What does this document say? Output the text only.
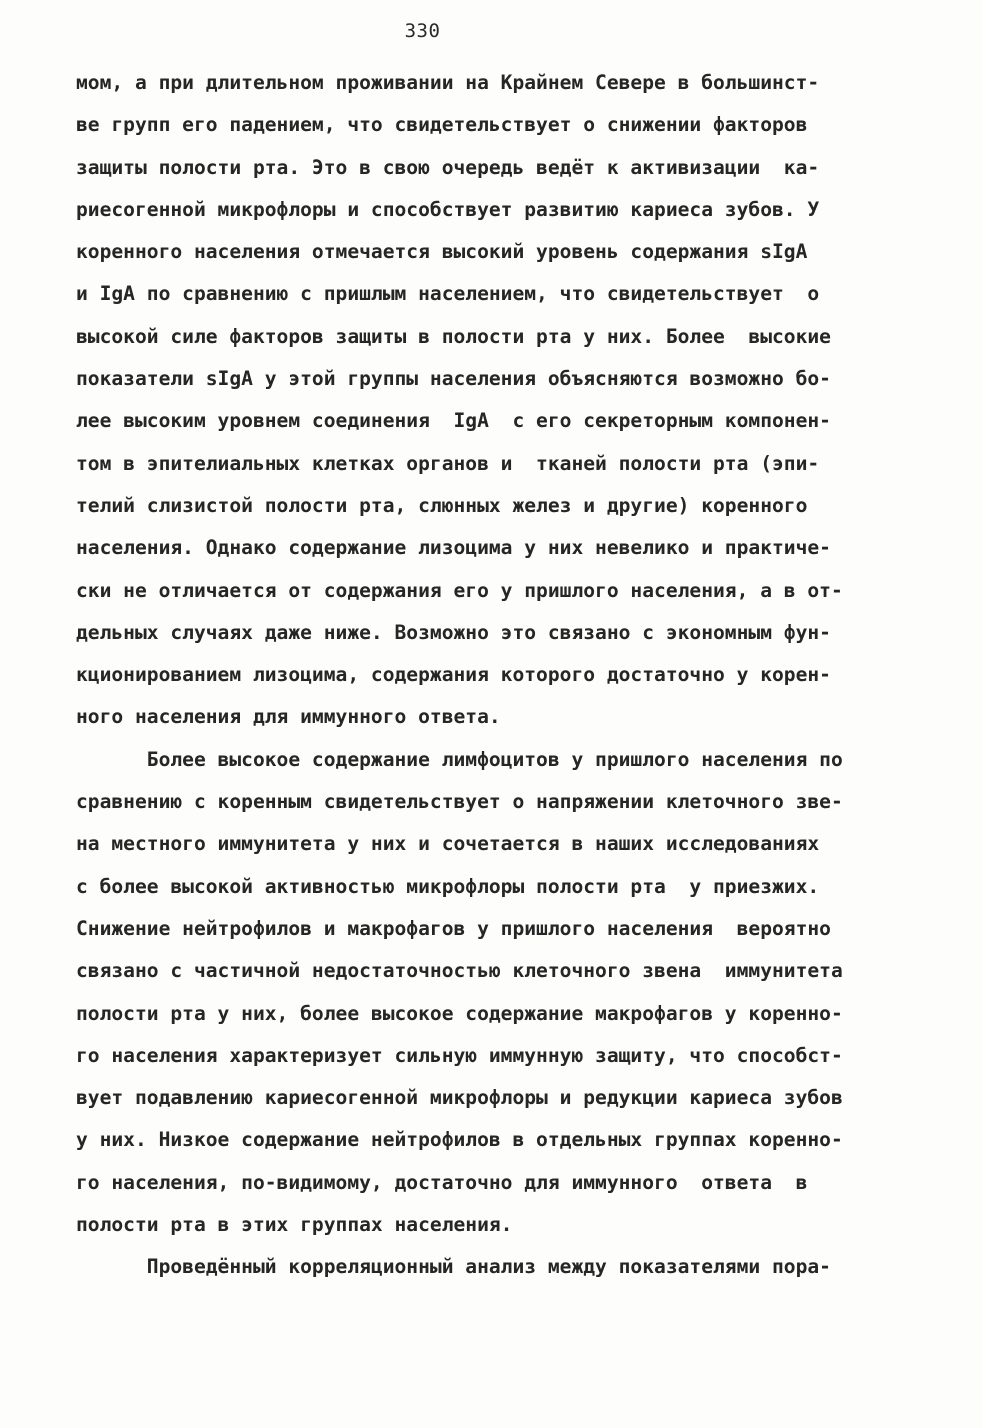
330
мом, а при длительном проживании на Крайнем Севере в большинст-
ве групп его падением, что свидетельствует о снижении факторов
защиты полости рта. Это в свою очередь ведёт к активизации  ка-
риесогенной микрофлоры и способствует развитию кариеса зубов. У
коренного населения отмечается высокий уровень содержания sIgA
и IgA по сравнению с пришлым населением, что свидетельствует  о
высокой силе факторов защиты в полости рта у них. Более  высокие
показатели sIgA у этой группы населения объясняются возможно бо-
лее высоким уровнем соединения  IgA  с его секреторным компонен-
том в эпителиальных клетках органов и  тканей полости рта (эпи-
телий слизистой полости рта, слюнных желез и другие) коренного
населения. Однако содержание лизоцима у них невелико и практиче-
ски не отличается от содержания его у пришлого населения, а в от-
дельных случаях даже ниже. Возможно это связано с экономным фун-
кционированием лизоцима, содержания которого достаточно у корен-
ного населения для иммунного ответа.
Более высокое содержание лимфоцитов у пришлого населения по
сравнению с коренным свидетельствует о напряжении клеточного зве-
на местного иммунитета у них и сочетается в наших исследованиях
с более высокой активностью микрофлоры полости рта  у приезжих.
Снижение нейтрофилов и макрофагов у пришлого населения  вероятно
связано с частичной недостаточностью клеточного звена  иммунитета
полости рта у них, более высокое содержание макрофагов у коренно-
го населения характеризует сильную иммунную защиту, что способст-
вует подавлению кариесогенной микрофлоры и редукции кариеса зубов
у них. Низкое содержание нейтрофилов в отдельных группах коренно-
го населения, по-видимому, достаточно для иммунного  ответа  в
полости рта в этих группах населения.
Проведённый корреляционный анализ между показателями пора-
